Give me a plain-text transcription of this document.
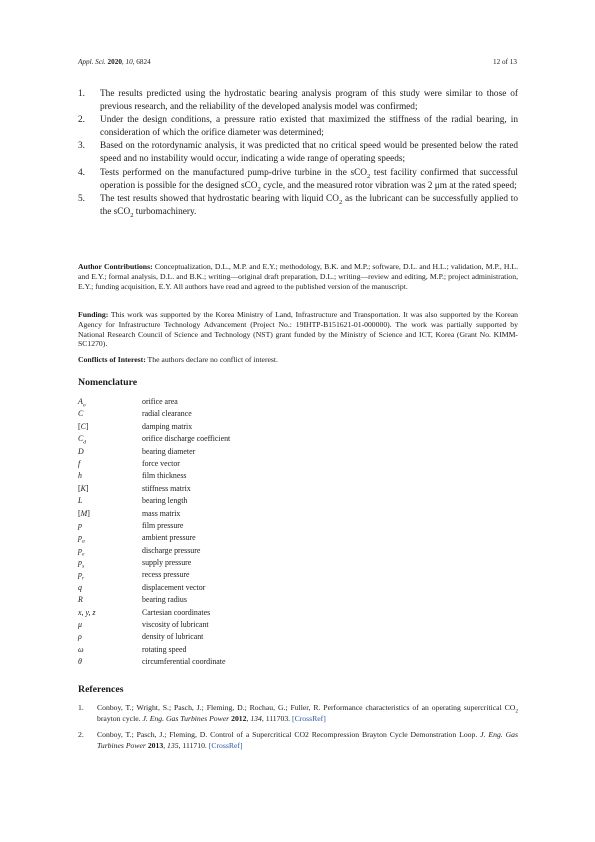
Appl. Sci. 2020, 10, 6824	12 of 13
1. The results predicted using the hydrostatic bearing analysis program of this study were similar to those of previous research, and the reliability of the developed analysis model was confirmed;
2. Under the design conditions, a pressure ratio existed that maximized the stiffness of the radial bearing, in consideration of which the orifice diameter was determined;
3. Based on the rotordynamic analysis, it was predicted that no critical speed would be presented below the rated speed and no instability would occur, indicating a wide range of operating speeds;
4. Tests performed on the manufactured pump-drive turbine in the sCO$_2$ test facility confirmed that successful operation is possible for the designed sCO$_2$ cycle, and the measured rotor vibration was 2 μm at the rated speed;
5. The test results showed that hydrostatic bearing with liquid $CO_2$ as the lubricant can be successfully applied to the sCO$_2$ turbomachinery.
Author Contributions: Conceptualization, D.L., M.P. and E.Y.; methodology, B.K. and M.P.; software, D.L. and H.L.; validation, M.P., H.L. and E.Y.; formal analysis, D.L. and B.K.; writing—original draft preparation, D.L.; writing—review and editing, M.P.; project administration, E.Y.; funding acquisition, E.Y. All authors have read and agreed to the published version of the manuscript.
Funding: This work was supported by the Korea Ministry of Land, Infrastructure and Transportation. It was also supported by the Korean Agency for Infrastructure Technology Advancement (Project No.: 19IHTP-B151621-01-000000). The work was partially supported by National Research Council of Science and Technology (NST) grant funded by the Ministry of Science and ICT, Korea (Grant No. KIMM-SC1270).
Conflicts of Interest: The authors declare no conflict of interest.
Nomenclature
$A_o$	orifice area
C	radial clearance
[C]	damping matrix
$C_d$	orifice discharge coefficient
D	bearing diameter
f	force vector
h	film thickness
[K]	stiffness matrix
L	bearing length
[M]	mass matrix
p	film pressure
$p_a$	ambient pressure
$p_e$	discharge pressure
$p_s$	supply pressure
$p_r$	recess pressure
q	displacement vector
R	bearing radius
x, y, z	Cartesian coordinates
μ	viscosity of lubricant
ρ	density of lubricant
ω	rotating speed
θ	circumferential coordinate
References
1. Conboy, T.; Wright, S.; Pasch, J.; Fleming, D.; Rochau, G.; Fuller, R. Performance characteristics of an operating supercritical $CO_2$ brayton cycle. J. Eng. Gas Turbines Power 2012, 134, 111703. [CrossRef]
2. Conboy, T.; Pasch, J.; Fleming, D. Control of a Supercritical CO2 Recompression Brayton Cycle Demonstration Loop. J. Eng. Gas Turbines Power 2013, 135, 111710. [CrossRef]
